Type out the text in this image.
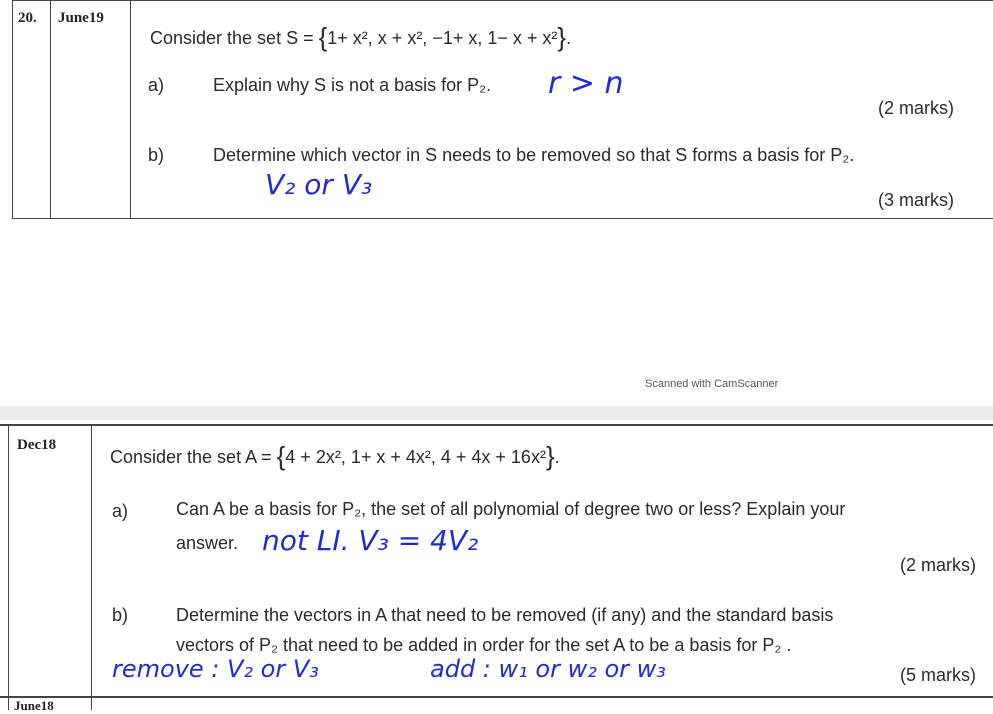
20. June19
Consider the set S = {1+ x², x + x², −1+ x, 1− x + x²}.
a)	Explain why S is not a basis for P₂. r > n
(2 marks)
b)	Determine which vector in S needs to be removed so that S forms a basis for P₂.
V₂ or V₃	(3 marks)
Scanned with CamScanner
Dec18
Consider the set A = {4 + 2x², 1+ x + 4x², 4 + 4x + 16x²}.
a)	Can A be a basis for P₂, the set of all polynomial of degree two or less? Explain your
answer. not LI. V₃ = 4V₂
(2 marks)
b)	Determine the vectors in A that need to be removed (if any) and the standard basis
vectors of P₂ that need to be added in order for the set A to be a basis for P₂ .
remove : V₂ or V₃	add : w₁ or w₂ or w₃	(5 marks)
June18
